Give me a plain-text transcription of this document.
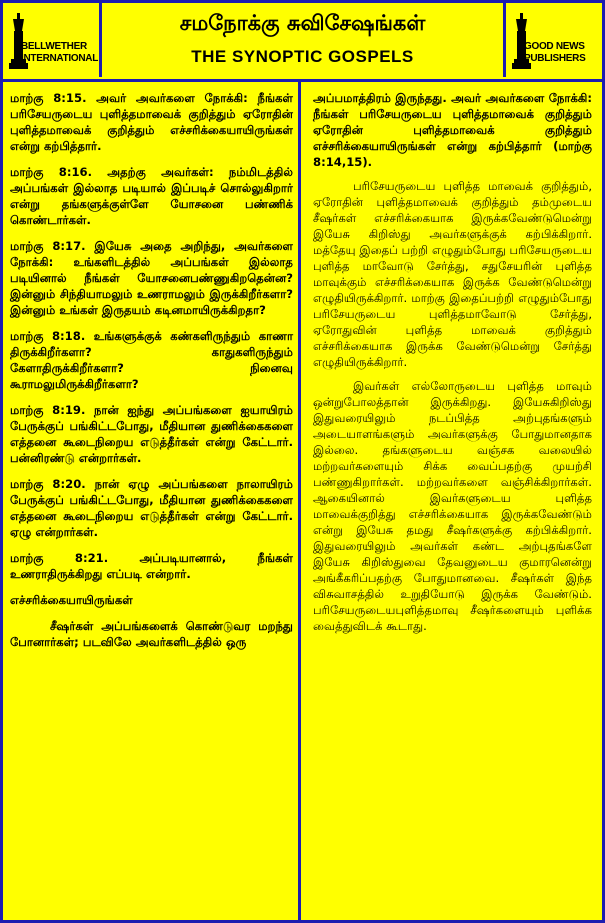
BELLWETHER
INTERNATIONAL
சமநோக்கு சுவிசேஷங்கள்
THE SYNOPTIC GOSPELS
GOOD NEWS
PUBLISHERS

மாற்கு 8:15. அவர் அவர்களை நோக்கி: நீங்கள் பரிசேயருடைய புளித்தமாவைக் குறித்தும் ஏரோதின் புளித்தமாவைக் குறித்தும் எச்சரிக்கையாயிருங்கள் என்று கற்பித்தார்.

மாற்கு 8:16. அதற்கு அவர்கள்: நம்மிடத்தில் அப்பங்கள் இல்லாத படியால் இப்படிச் சொல்லுகிறார் என்று தங்களுக்குள்ளே யோசனை பண்ணிக் கொண்டார்கள்.

மாற்கு 8:17. இயேசு அதை அறிந்து, அவர்களை நோக்கி: உங்களிடத்தில் அப்பங்கள் இல்லாத படியினால் நீங்கள் யோசனைபண்ணுகிறதென்ன? இன்னும் சிந்தியாமலும் உணராமலும் இருக்கிறீர்களா? இன்னும் உங்கள் இருதயம் கடினமாயிருக்கிறதா?

மாற்கு 8:18. உங்களுக்குக் கண்களிருந்தும் காணா திருக்கிறீர்களா? காதுகளிருந்தும் கேளாதிருக்கிறீர்களா? நினைவு கூராமலுமிருக்கிறீர்களா?

மாற்கு 8:19. நான் ஐந்து அப்பங்களை ஐயாயிரம் பேருக்குப் பங்கிட்டபோது, மீதியான துணிக்கைகளை எத்தனை கூடைநிறைய எடுத்தீர்கள் என்று கேட்டார். பன்னிரண்டு என்றார்கள்.

மாற்கு 8:20. நான் ஏழு அப்பங்களை நாலாயிரம் பேருக்குப் பங்கிட்டபோது, மீதியான துணிக்கைகளை எத்தனை கூடைநிறைய எடுத்தீர்கள் என்று கேட்டார். ஏழு என்றார்கள்.

மாற்கு 8:21. அப்படியானால், நீங்கள் உணராதிருக்கிறது எப்படி என்றார்.

எச்சரிக்கையாயிருங்கள்

சீஷர்கள் அப்பங்களைக் கொண்டுவர மறந்து போனார்கள்; படவிலே அவர்களிடத்தில் ஒரு

அப்பமாத்திரம் இருந்தது. அவர் அவர்களை நோக்கி: நீங்கள் பரிசேயருடைய புளித்தமாவைக் குறித்தும் ஏரோதின் புளித்தமாவைக் குறித்தும் எச்சரிக்கையாயிருங்கள் என்று கற்பித்தார் (மாற்கு 8:14,15).

பரிசேயருடைய புளித்த மாவைக் குறித்தும், ஏரோதின் புளித்தமாவைக் குறித்தும் தம்முடைய சீஷர்கள் எச்சரிக்கையாக இருக்கவேண்டுமென்று இயேசு கிறிஸ்து அவர்களுக்குக் கற்பிக்கிறார். மத்தேயு இதைப் பற்றி எழுதும்போது பரிசேயருடைய புளித்த மாவோடு சேர்த்து, சதுசேயரின் புளித்த மாவுக்கும் எச்சரிக்கையாக இருக்க வேண்டுமென்று எழுதியிருக்கிறார். மாற்கு இதைப்பற்றி எழுதும்போது பரிசேயருடைய புளித்தமாவோடு சேர்த்து, ஏரோதுவின் புளித்த மாவைக் குறித்தும் எச்சரிக்கையாக இருக்க வேண்டுமென்று சேர்த்து எழுதியிருக்கிறார்.

இவர்கள் எல்லோருடைய புளித்த மாவும் ஒன்றுபோலத்தான் இருக்கிறது. இயேசுகிறிஸ்து இதுவரையிலும் நடப்பித்த அற்புதங்களும் அடையாளங்களும் அவர்களுக்கு போதுமானதாக இல்லை. தங்களுடைய வஞ்சக வலையில் மற்றவர்களையும் சிக்க வைப்பதற்கு முயற்சி பண்ணுகிறார்கள். மற்றவர்களை வஞ்சிக்கிறார்கள். ஆகையினால் இவர்களுடைய புளித்த மாவைக்குறித்து எச்சரிக்கையாக இருக்கவேண்டும் என்று இயேசு தமது சீஷர்களுக்கு கற்பிக்கிறார். இதுவரையிலும் அவர்கள் கண்ட அற்புதங்களே இயேசு கிறிஸ்துவை தேவனுடைய குமாரனென்று அங்கீகரிப்பதற்கு போதுமானவை. சீஷர்கள் இந்த விசுவாசத்தில் உறுதியோடு இருக்க வேண்டும். பரிசேயருடையபுளித்தமாவு சீஷர்களையும் புளிக்க வைத்துவிடக் கூடாது.
